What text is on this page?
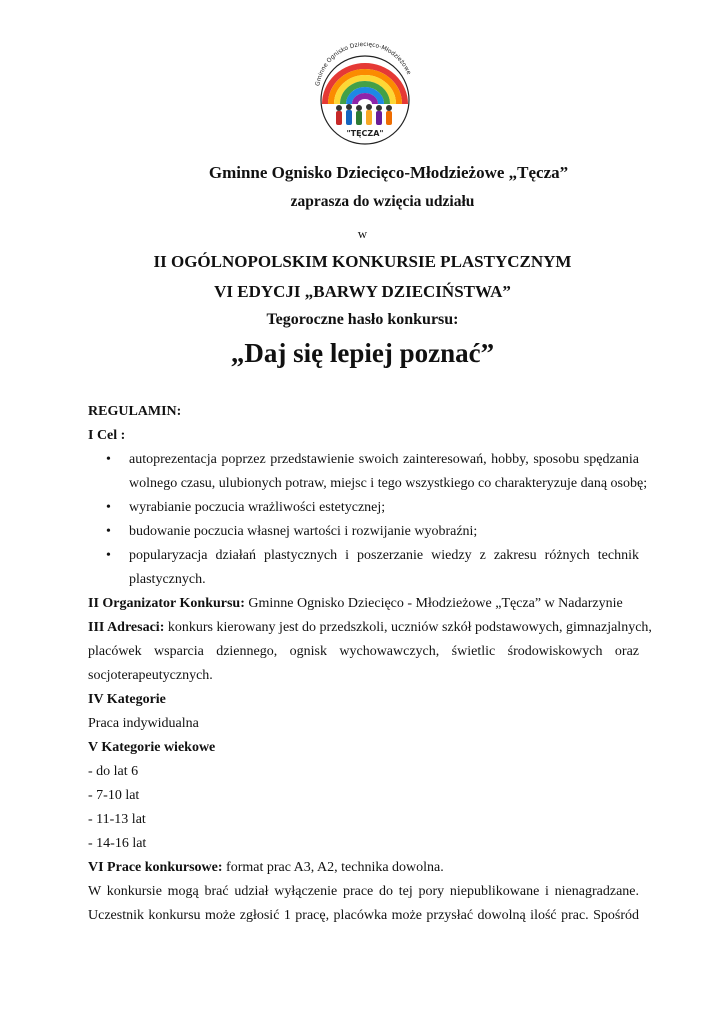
Gminne Ognisko Dziecięco-Młodzieżowe
"TĘCZA"
Gminne Ognisko Dziecięco-Młodzieżowe „Tęcza”
zaprasza do wzięcia udziału
w
II OGÓLNOPOLSKIM KONKURSIE PLASTYCZNYM
VI EDYCJI „BARWY DZIECIŃSTWA”
Tegoroczne hasło konkursu:
„Daj się lepiej poznać”
REGULAMIN:
I Cel :
• autoprezentacja poprzez przedstawienie swoich zainteresowań, hobby, sposobu spędzania
wolnego czasu, ulubionych potraw, miejsc i tego wszystkiego co charakteryzuje daną osobę;
• wyrabianie poczucia wrażliwości estetycznej;
• budowanie poczucia własnej wartości i rozwijanie wyobraźni;
• popularyzacja działań plastycznych i poszerzanie wiedzy z zakresu różnych technik
plastycznych.
II Organizator Konkursu: Gminne Ognisko Dziecięco - Młodzieżowe „Tęcza” w Nadarzynie
III Adresaci: konkurs kierowany jest do przedszkoli, uczniów szkół podstawowych, gimnazjalnych,
placówek wsparcia dziennego, ognisk wychowawczych, świetlic środowiskowych oraz
socjoterapeutycznych.
IV Kategorie
Praca indywidualna
V Kategorie wiekowe
- do lat 6
- 7-10 lat
- 11-13 lat
- 14-16 lat
VI Prace konkursowe: format prac A3, A2, technika dowolna.
W konkursie mogą brać udział wyłączenie prace do tej pory niepublikowane i nienagradzane.
Uczestnik konkursu może zgłosić 1 pracę, placówka może przysłać dowolną ilość prac. Spośród
